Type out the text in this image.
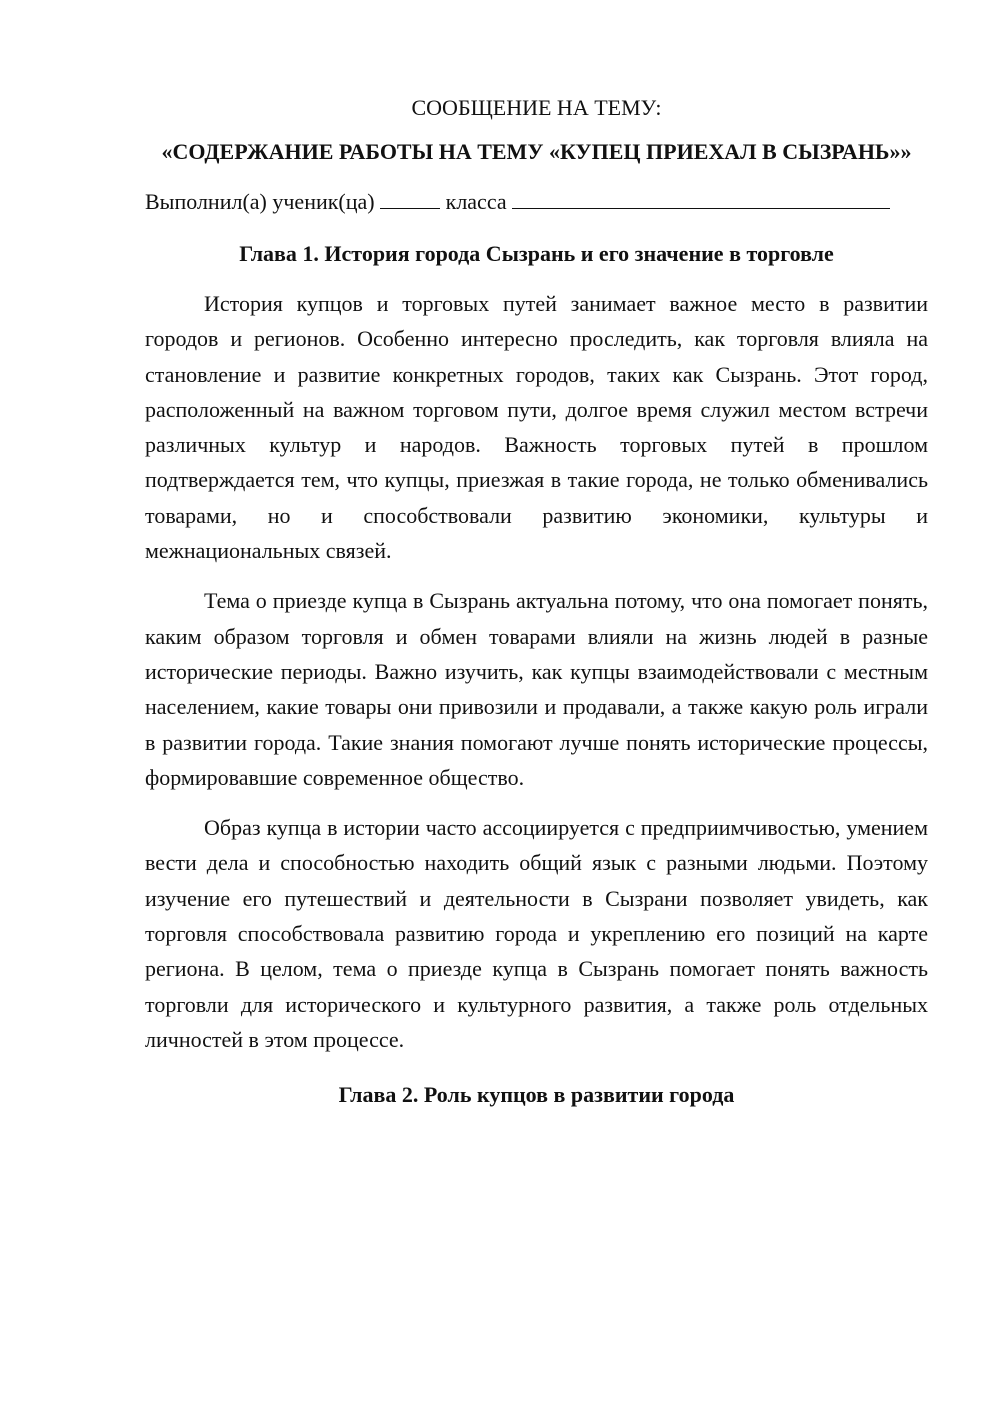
СООБЩЕНИЕ НА ТЕМУ:
«СОДЕРЖАНИЕ РАБОТЫ НА ТЕМУ «КУПЕЦ ПРИЕХАЛ В СЫЗРАНЬ»»
Выполнил(а) ученик(ца)	класса
Глава 1. История города Сызрань и его значение в торговле

История купцов и торговых путей занимает важное место в развитии городов и регионов. Особенно интересно проследить, как торговля влияла на становление и развитие конкретных городов, таких как Сызрань. Этот город, расположенный на важном торговом пути, долгое время служил местом встречи различных культур и народов. Важность торговых путей в прошлом подтверждается тем, что купцы, приезжая в такие города, не только обменивались товарами, но и способствовали развитию экономики, культуры и межнациональных связей.

Тема о приезде купца в Сызрань актуальна потому, что она помогает понять, каким образом торговля и обмен товарами влияли на жизнь людей в разные исторические периоды. Важно изучить, как купцы взаимодействовали с местным населением, какие товары они привозили и продавали, а также какую роль играли в развитии города. Такие знания помогают лучше понять исторические процессы, формировавшие современное общество.

Образ купца в истории часто ассоциируется с предприимчивостью, умением вести дела и способностью находить общий язык с разными людьми. Поэтому изучение его путешествий и деятельности в Сызрани позволяет увидеть, как торговля способствовала развитию города и укреплению его позиций на карте региона. В целом, тема о приезде купца в Сызрань помогает понять важность торговли для исторического и культурного развития, а также роль отдельных личностей в этом процессе.

Глава 2. Роль купцов в развитии города
